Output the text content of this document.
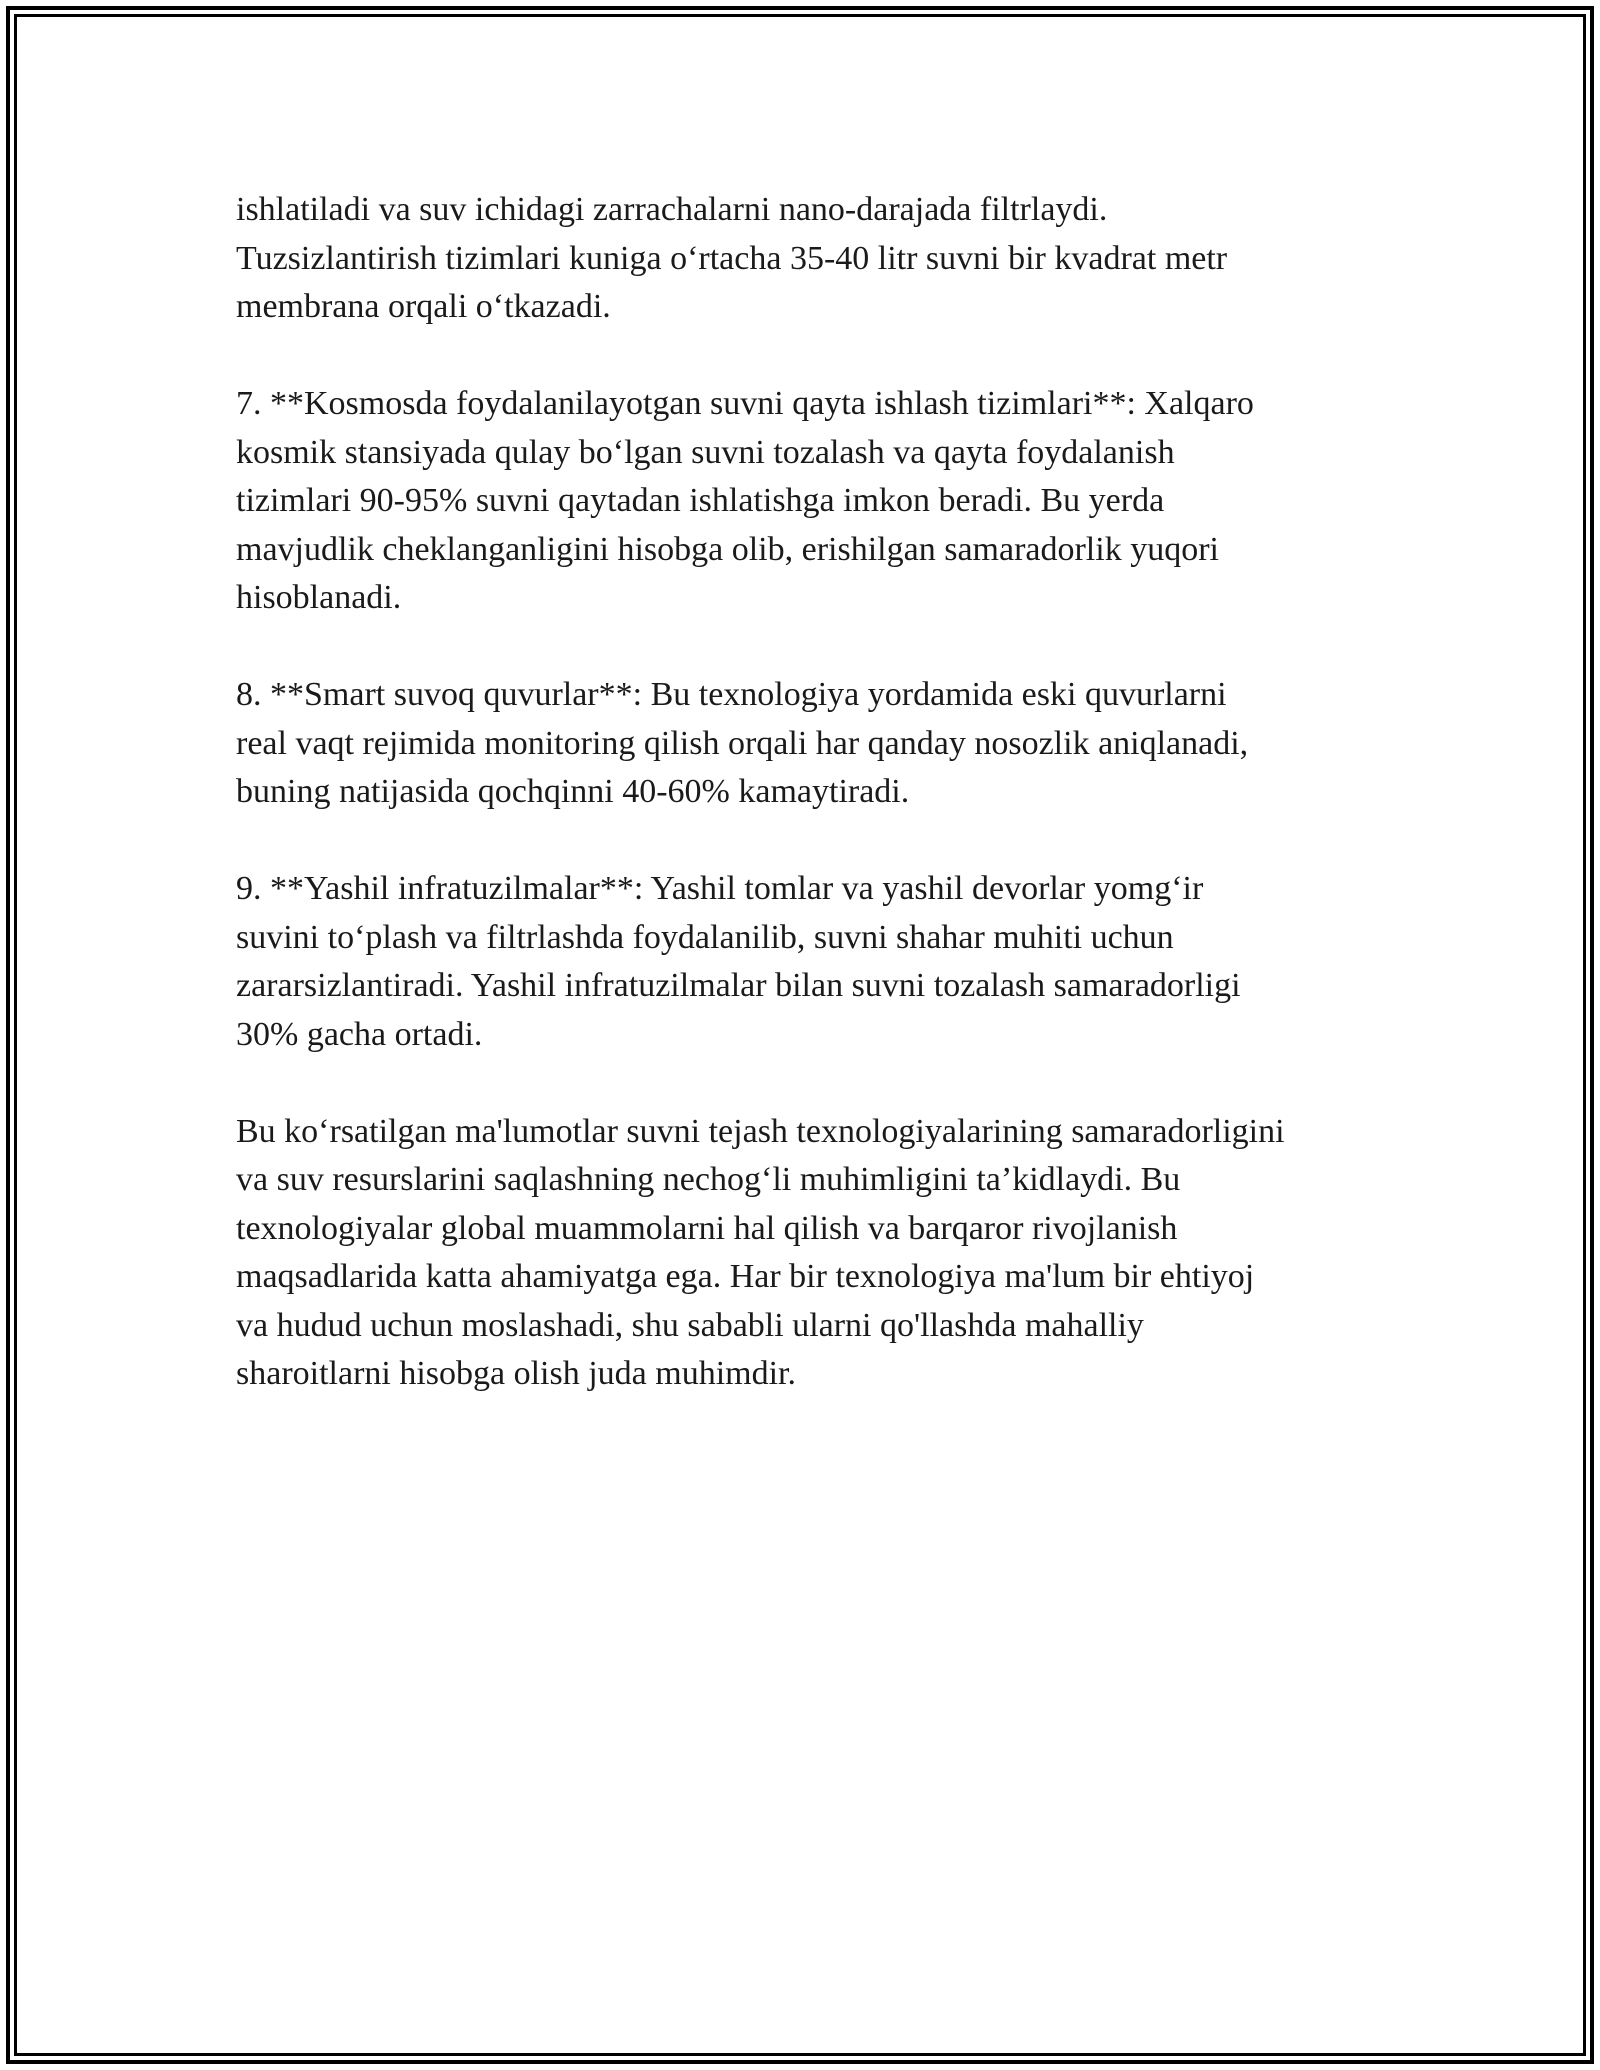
ishlatiladi va suv ichidagi zarrachalarni nano-darajada filtrlaydi.
Tuzsizlantirish tizimlari kuniga o‘rtacha 35-40 litr suvni bir kvadrat metr
membrana orqali o‘tkazadi.

7. **Kosmosda foydalanilayotgan suvni qayta ishlash tizimlari**: Xalqaro
kosmik stansiyada qulay bo‘lgan suvni tozalash va qayta foydalanish
tizimlari 90-95% suvni qaytadan ishlatishga imkon beradi. Bu yerda
mavjudlik cheklanganligini hisobga olib, erishilgan samaradorlik yuqori
hisoblanadi.

8. **Smart suvoq quvurlar**: Bu texnologiya yordamida eski quvurlarni
real vaqt rejimida monitoring qilish orqali har qanday nosozlik aniqlanadi,
buning natijasida qochqinni 40-60% kamaytiradi.

9. **Yashil infratuzilmalar**: Yashil tomlar va yashil devorlar yomg‘ir
suvini to‘plash va filtrlashda foydalanilib, suvni shahar muhiti uchun
zararsizlantiradi. Yashil infratuzilmalar bilan suvni tozalash samaradorligi
30% gacha ortadi.

Bu ko‘rsatilgan ma'lumotlar suvni tejash texnologiyalarining samaradorligini
va suv resurslarini saqlashning nechog‘li muhimligini ta’kidlaydi. Bu
texnologiyalar global muammolarni hal qilish va barqaror rivojlanish
maqsadlarida katta ahamiyatga ega. Har bir texnologiya ma'lum bir ehtiyoj
va hudud uchun moslashadi, shu sababli ularni qo'llashda mahalliy
sharoitlarni hisobga olish juda muhimdir.
